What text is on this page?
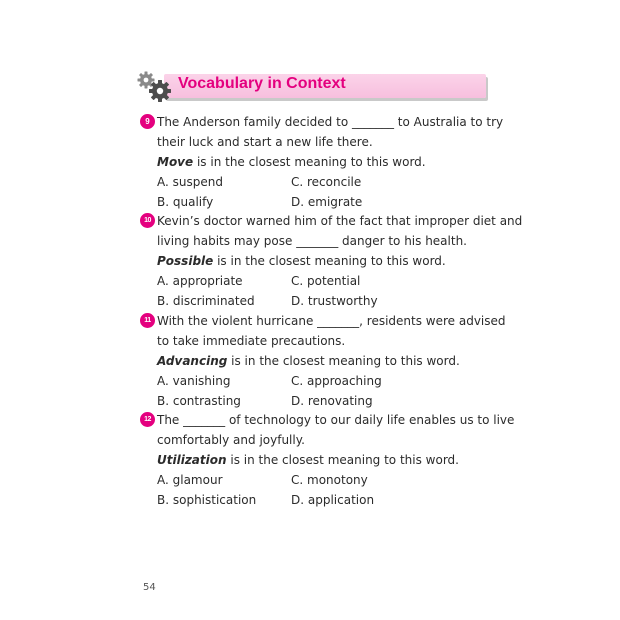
Vocabulary in Context
9 The Anderson family decided to _______ to Australia to try
their luck and start a new life there.
Move is in the closest meaning to this word.
A. suspend
B. qualify
C. reconcile
D. emigrate
10 Kevin’s doctor warned him of the fact that improper diet and
living habits may pose _______ danger to his health.
Possible is in the closest meaning to this word.
A. appropriate
B. discriminated
C. potential
D. trustworthy
11 With the violent hurricane _______, residents were advised
to take immediate precautions.
Advancing is in the closest meaning to this word.
A. vanishing
B. contrasting
C. approaching
D. renovating
12 The _______ of technology to our daily life enables us to live
comfortably and joyfully.
Utilization is in the closest meaning to this word.
A. glamour
B. sophistication
C. monotony
D. application
54
